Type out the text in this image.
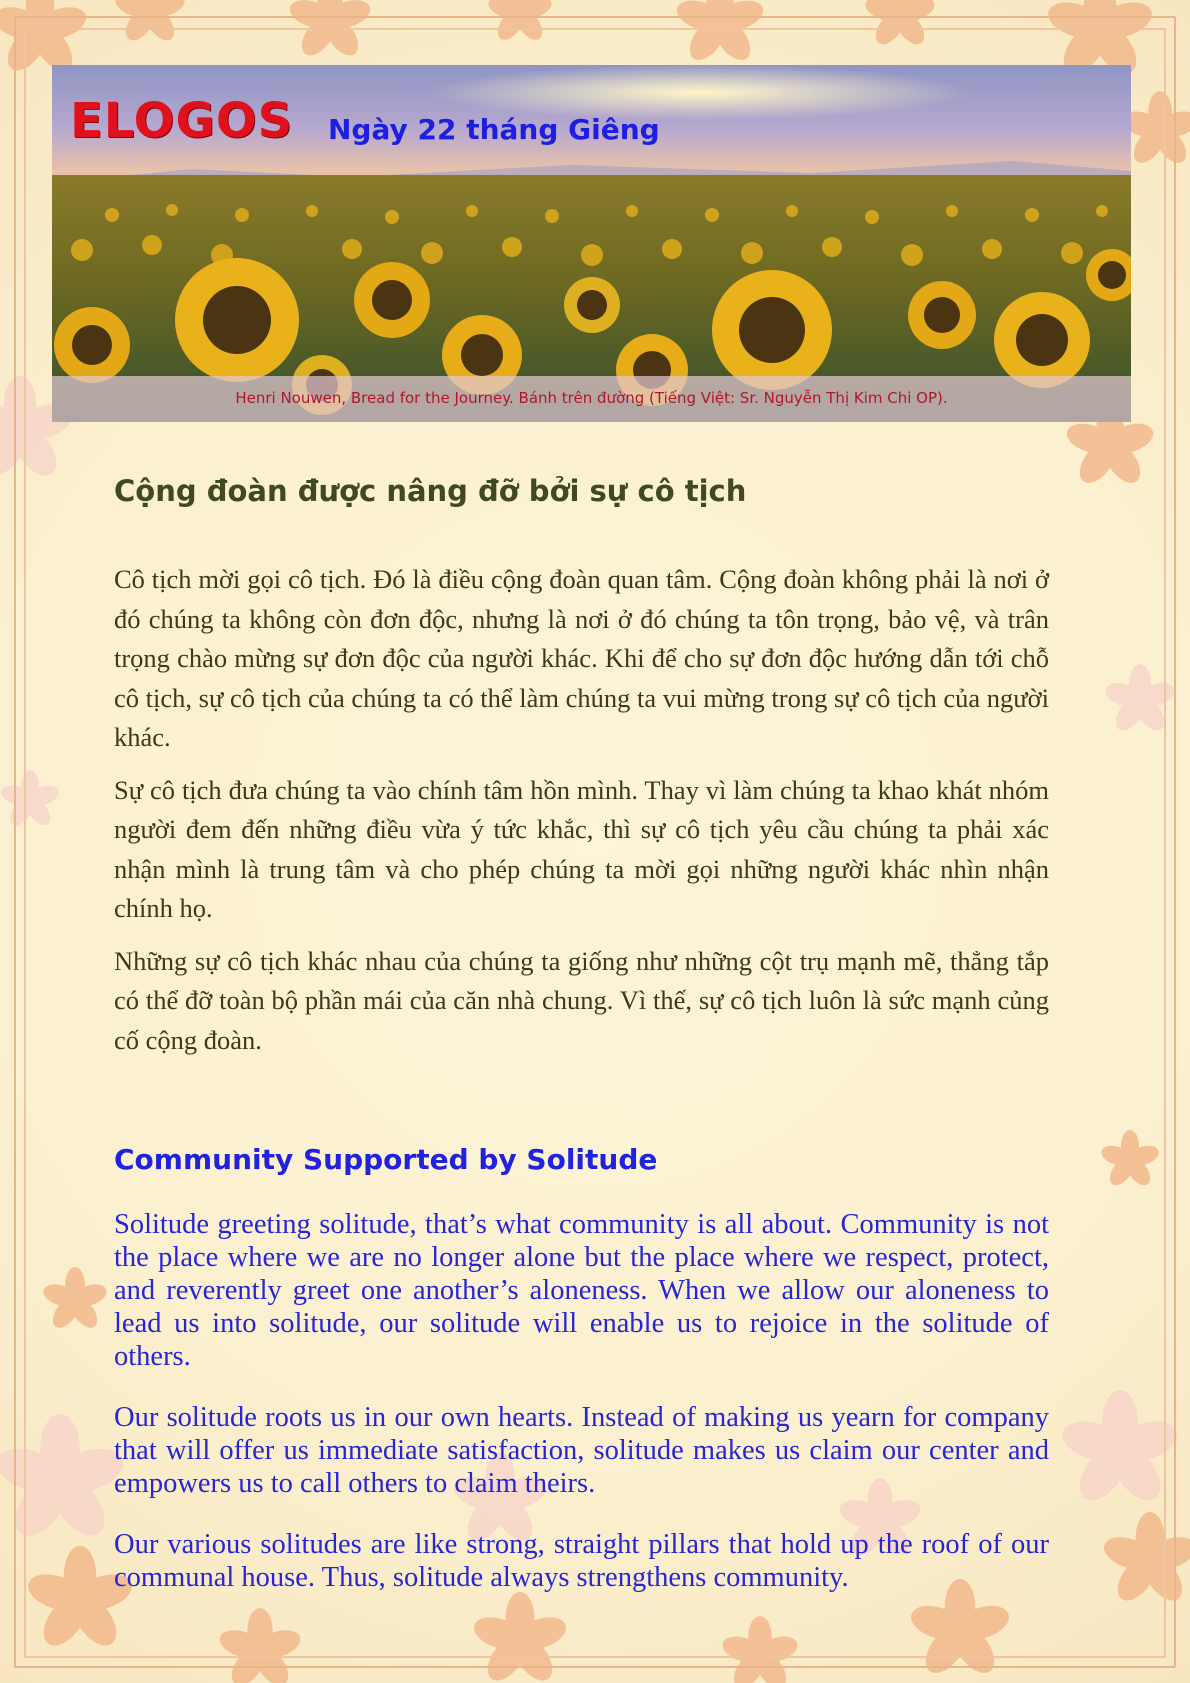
ELOGOS Ngày 22 tháng Giêng
Henri Nouwen, Bread for the Journey. Bánh trên đường (Tiếng Việt: Sr. Nguyễn Thị Kim Chi OP).
Cộng đoàn được nâng đỡ bởi sự cô tịch

Cô tịch mời gọi cô tịch. Đó là điều cộng đoàn quan tâm. Cộng đoàn không phải là nơi ở đó chúng ta không còn đơn độc, nhưng là nơi ở đó chúng ta tôn trọng, bảo vệ, và trân trọng chào mừng sự đơn độc của người khác. Khi để cho sự đơn độc hướng dẫn tới chỗ cô tịch, sự cô tịch của chúng ta có thể làm chúng ta vui mừng trong sự cô tịch của người khác.

Sự cô tịch đưa chúng ta vào chính tâm hồn mình. Thay vì làm chúng ta khao khát nhóm người đem đến những điều vừa ý tức khắc, thì sự cô tịch yêu cầu chúng ta phải xác nhận mình là trung tâm và cho phép chúng ta mời gọi những người khác nhìn nhận chính họ.

Những sự cô tịch khác nhau của chúng ta giống như những cột trụ mạnh mẽ, thẳng tắp có thể đỡ toàn bộ phần mái của căn nhà chung. Vì thế, sự cô tịch luôn là sức mạnh củng cố cộng đoàn.

Community Supported by Solitude

Solitude greeting solitude, that’s what community is all about. Community is not the place where we are no longer alone but the place where we respect, protect, and reverently greet one another’s aloneness. When we allow our aloneness to lead us into solitude, our solitude will enable us to rejoice in the solitude of others.

Our solitude roots us in our own hearts. Instead of making us yearn for company that will offer us immediate satisfaction, solitude makes us claim our center and empowers us to call others to claim theirs.

Our various solitudes are like strong, straight pillars that hold up the roof of our communal house. Thus, solitude always strengthens community.
